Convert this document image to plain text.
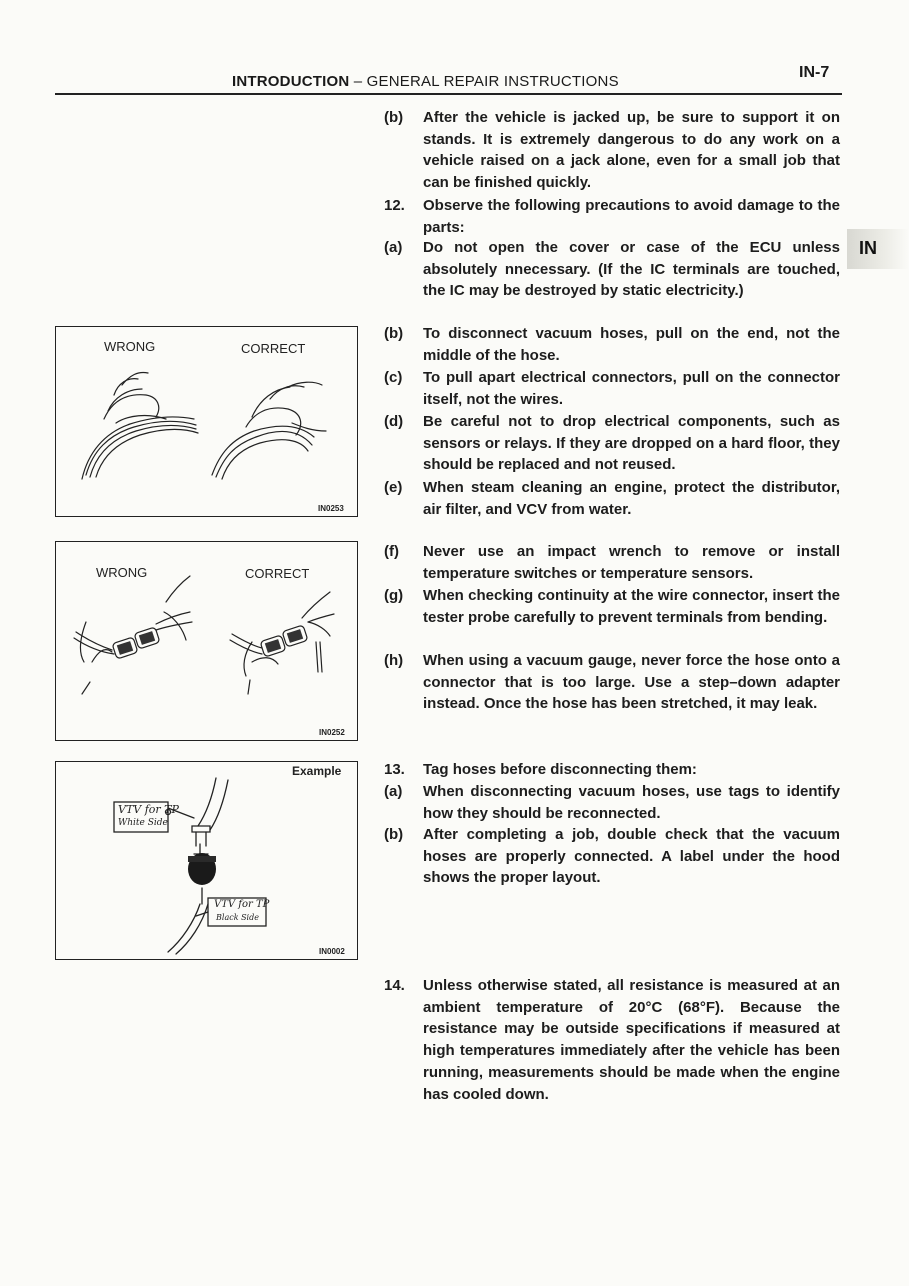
INTRODUCTION – GENERAL REPAIR INSTRUCTIONS
IN-7
IN
(b) After the vehicle is jacked up, be sure to support it on stands. It is extremely dangerous to do any work on a vehicle raised on a jack alone, even for a small job that can be finished quickly.
12. Observe the following precautions to avoid damage to the parts:
(a) Do not open the cover or case of the ECU unless absolutely nnecessary. (If the IC terminals are touched, the IC may be destroyed by static electricity.)
(b) To disconnect vacuum hoses, pull on the end, not the middle of the hose.
(c) To pull apart electrical connectors, pull on the connector itself, not the wires.
(d) Be careful not to drop electrical components, such as sensors or relays. If they are dropped on a hard floor, they should be replaced and not reused.
(e) When steam cleaning an engine, protect the distributor, air filter, and VCV from water.
(f) Never use an impact wrench to remove or install temperature switches or temperature sensors.
(g) When checking continuity at the wire connector, insert the tester probe carefully to prevent terminals from bending.
(h) When using a vacuum gauge, never force the hose onto a connector that is too large. Use a step–down adapter instead. Once the hose has been stretched, it may leak.
13. Tag hoses before disconnecting them:
(a) When disconnecting vacuum hoses, use tags to identify how they should be reconnected.
(b) After completing a job, double check that the vacuum hoses are properly connected. A label under the hood shows the proper layout.
14. Unless otherwise stated, all resistance is measured at an ambient temperature of 20°C (68°F). Because the resistance may be outside specifications if measured at high temperatures immediately after the vehicle has been running, measurements should be made when the engine has cooled down.
WRONG	CORRECT
IN0253
WRONG	CORRECT
IN0252
Example
VTV for TP
White Side
VTV for TP
Black Side
IN0002
